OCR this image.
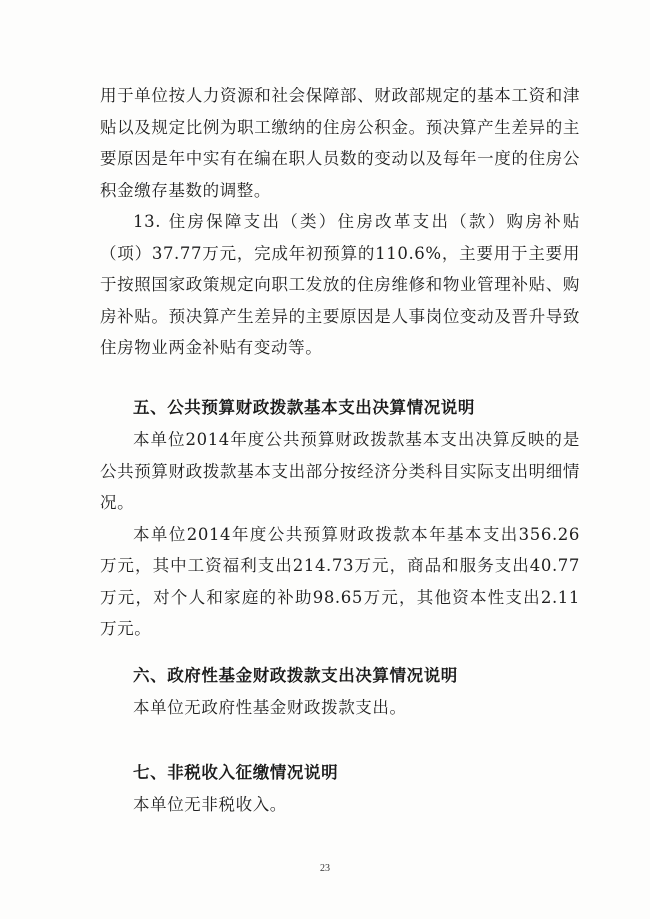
用于单位按人力资源和社会保障部、财政部规定的基本工资和津贴以及规定比例为职工缴纳的住房公积金。预决算产生差异的主要原因是年中实有在编在职人员数的变动以及每年一度的住房公积金缴存基数的调整。

13. 住房保障支出（类）住房改革支出（款）购房补贴（项）37.77万元，完成年初预算的110.6%，主要用于主要用于按照国家政策规定向职工发放的住房维修和物业管理补贴、购房补贴。预决算产生差异的主要原因是人事岗位变动及晋升导致住房物业两金补贴有变动等。

五、公共预算财政拨款基本支出决算情况说明

本单位2014年度公共预算财政拨款基本支出决算反映的是公共预算财政拨款基本支出部分按经济分类科目实际支出明细情况。

本单位2014年度公共预算财政拨款本年基本支出356.26万元，其中工资福利支出214.73万元，商品和服务支出40.77万元，对个人和家庭的补助98.65万元，其他资本性支出2.11万元。

六、政府性基金财政拨款支出决算情况说明

本单位无政府性基金财政拨款支出。

七、非税收入征缴情况说明

本单位无非税收入。

23
